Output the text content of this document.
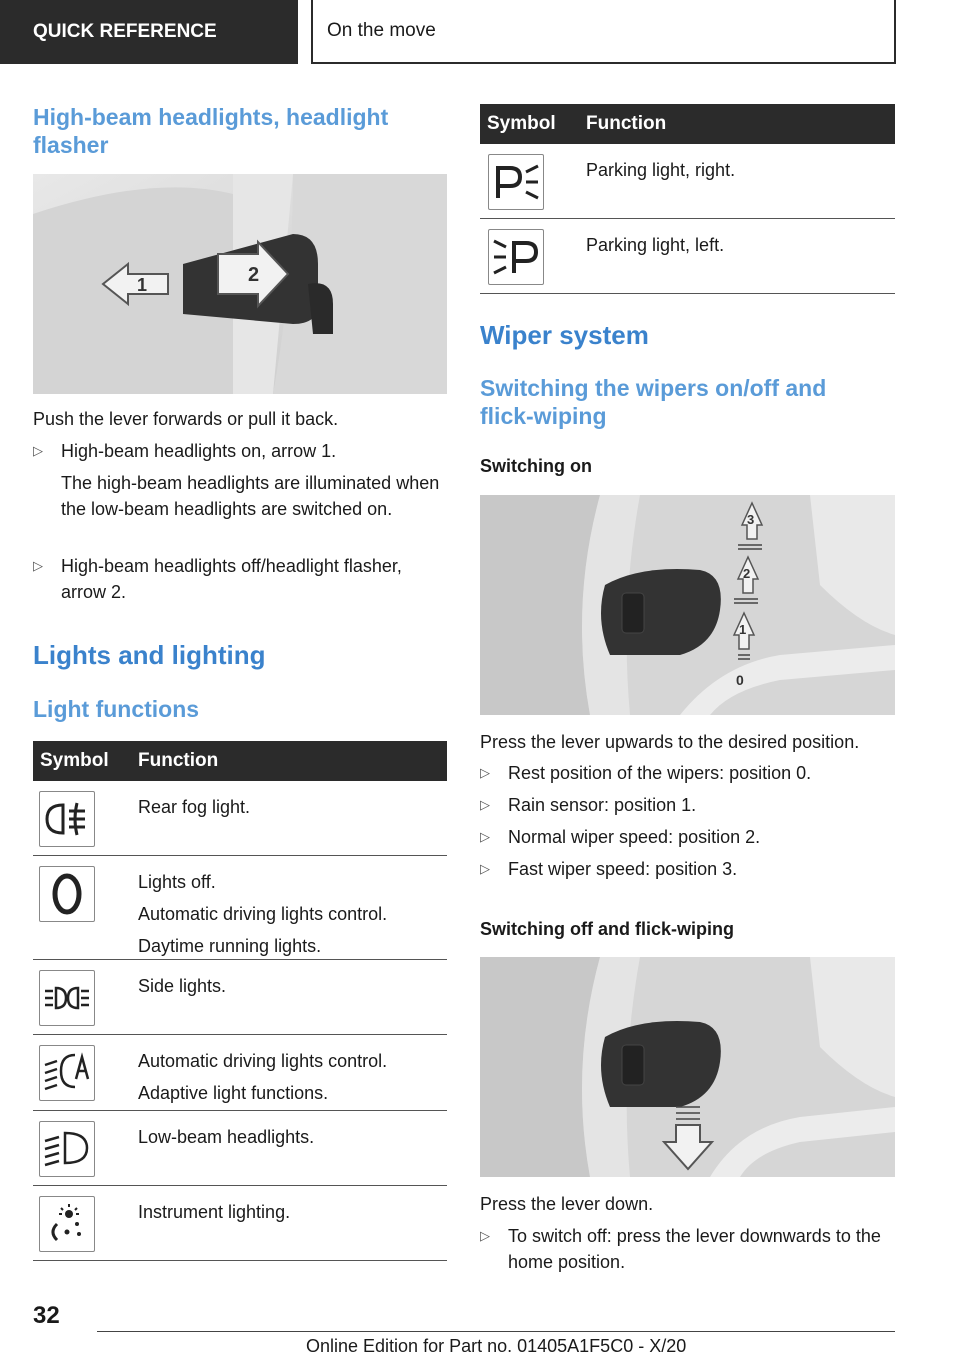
QUICK REFERENCE	On the move
High-beam headlights, headlight flasher
1	2

Push the lever forwards or pull it back.

▷ High-beam headlights on, arrow 1.

The high-beam headlights are illuminated when the low-beam headlights are switched on.

▷ High-beam headlights off/headlight flasher, arrow 2.
Lights and lighting
Light functions
Symbol Function
Rear fog light.
Lights off.
Automatic driving lights control.
Daytime running lights.
Side lights.
Automatic driving lights control.
Adaptive light functions.
Low-beam headlights.
Instrument lighting.
Symbol Function
Parking light, right.
Parking light, left.
Wiper system
Switching the wipers on/off and flick-wiping
Switching on
3
2
1
0

Press the lever upwards to the desired position.

▷ Rest position of the wipers: position 0.
▷ Rain sensor: position 1.
▷ Normal wiper speed: position 2.
▷ Fast wiper speed: position 3.
Switching off and flick-wiping

Press the lever down.

▷ To switch off: press the lever downwards to the home position.
32
Online Edition for Part no. 01405A1F5C0 - X/20
